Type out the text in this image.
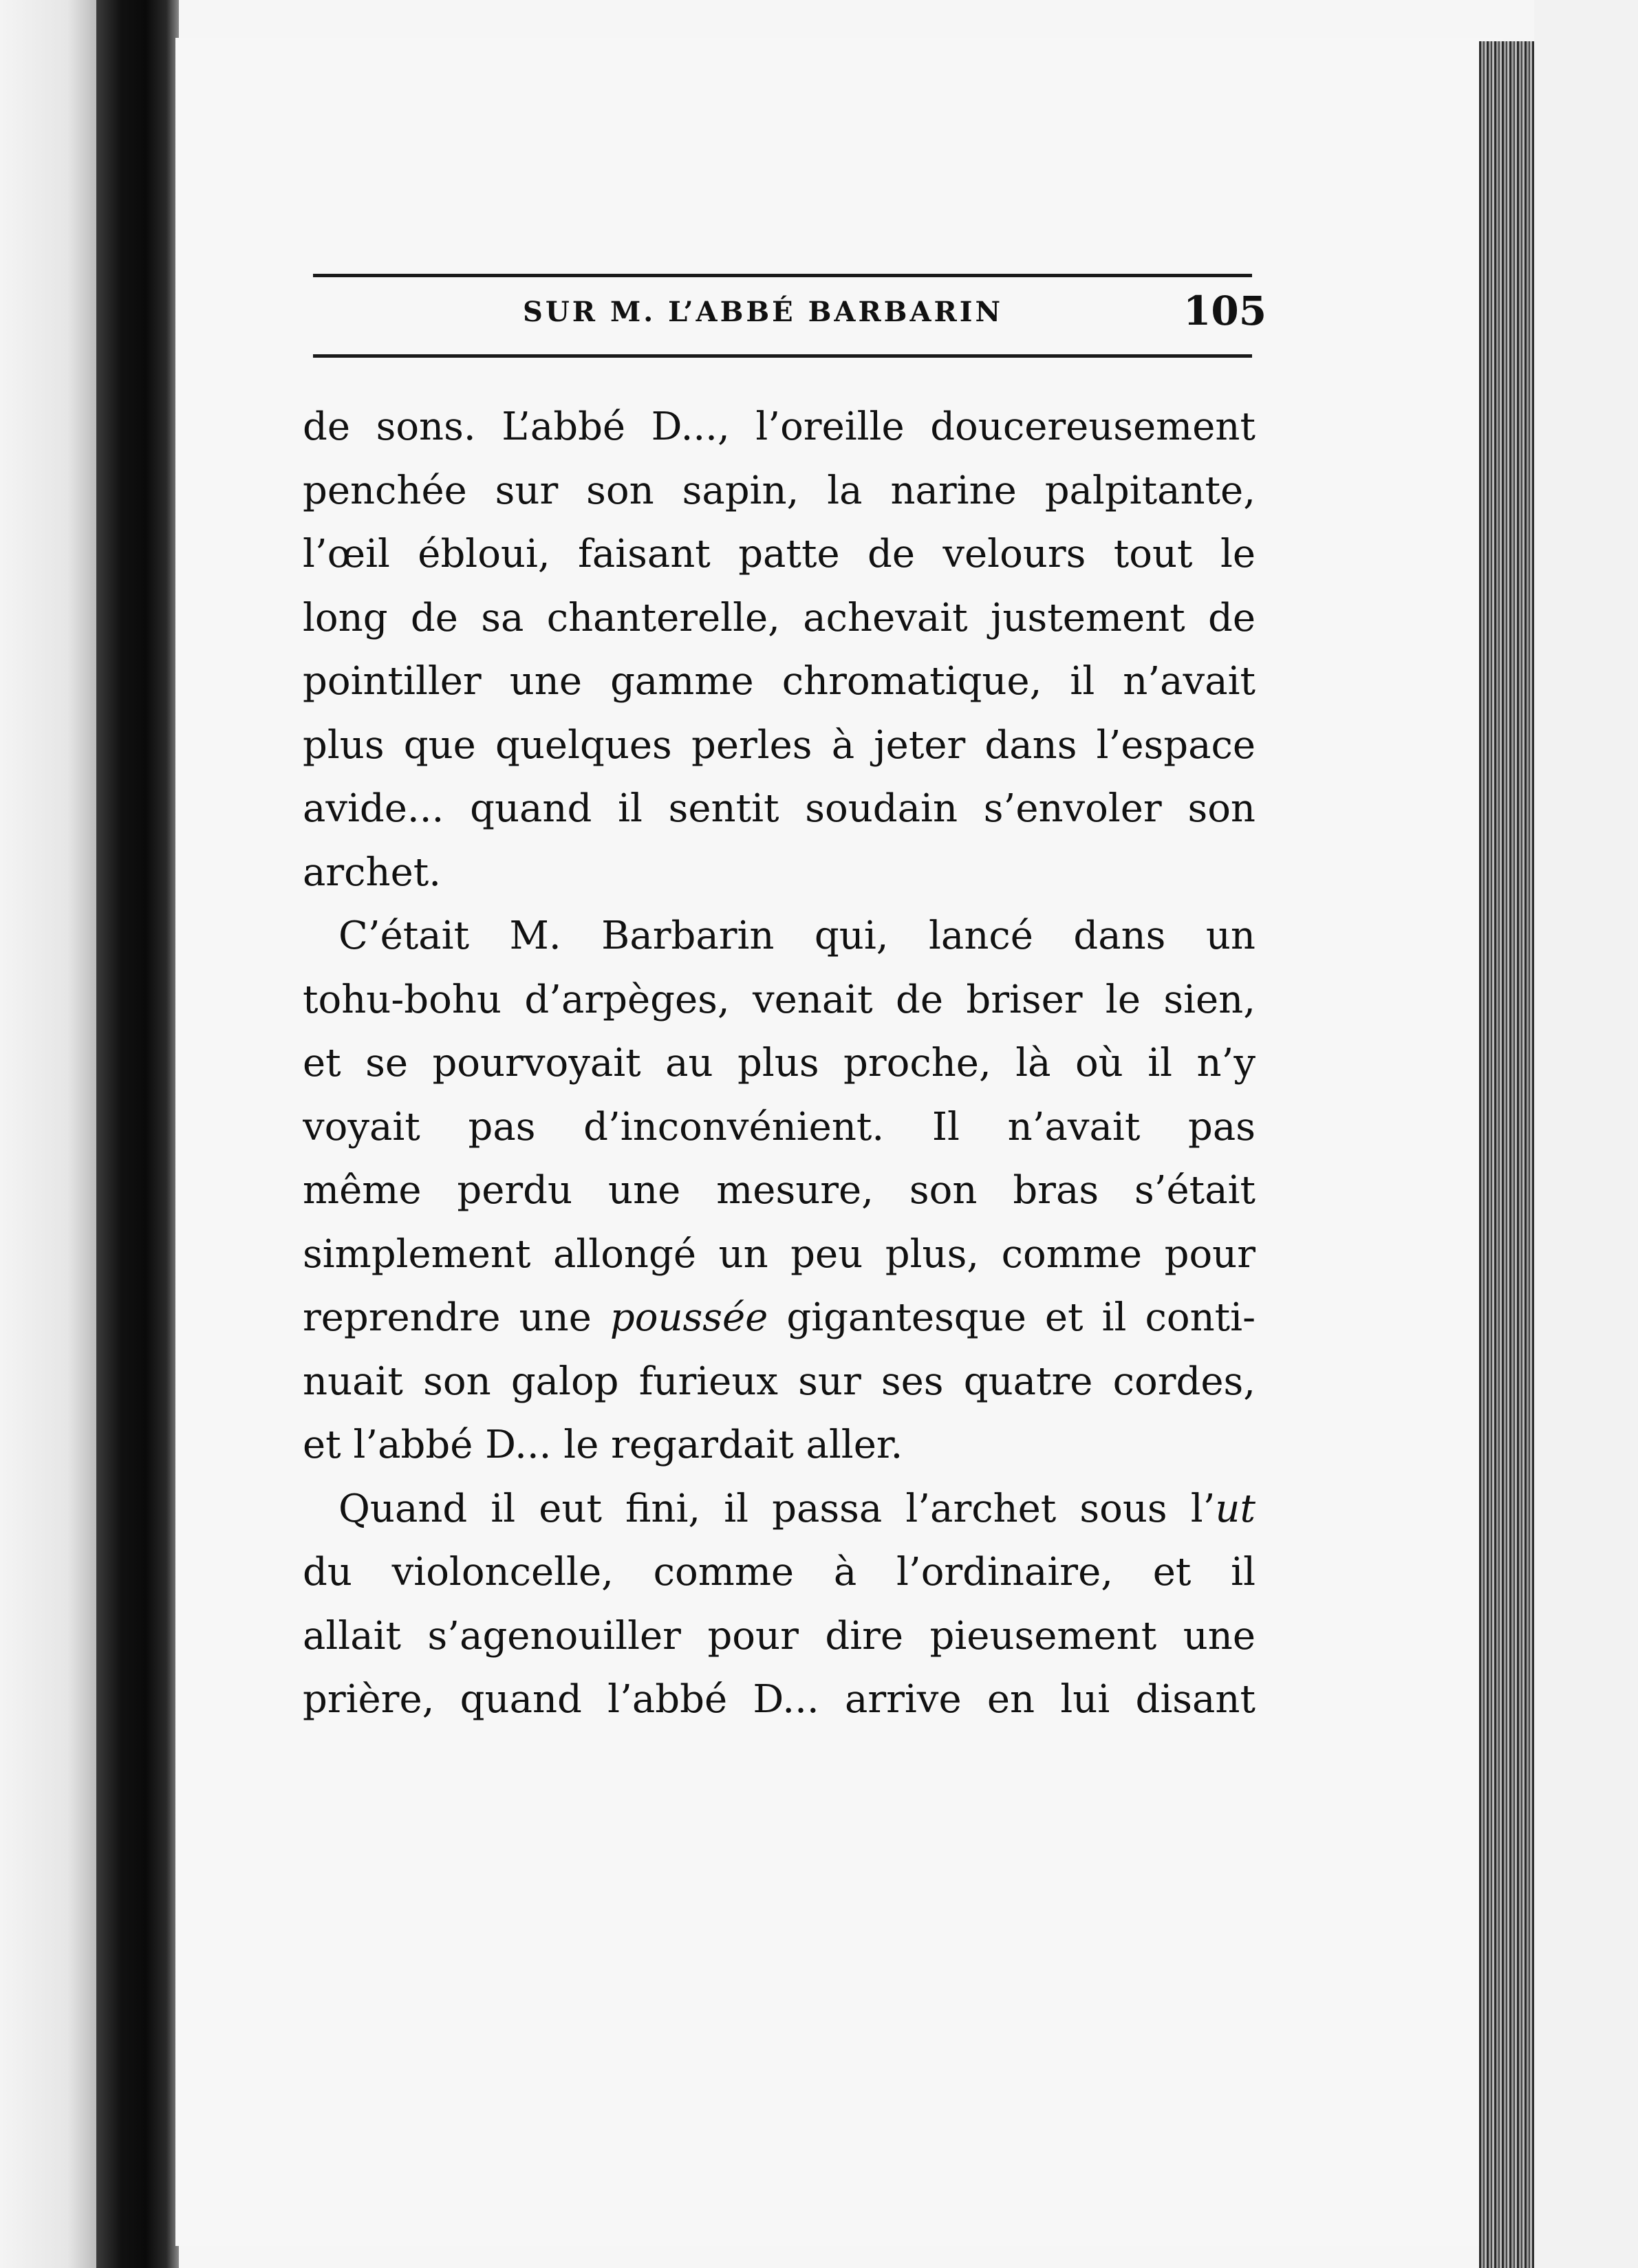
SUR M. L’ABBÉ BARBARIN	105
de sons. L’abbé D..., l’oreille doucereusement
penchée sur son sapin, la narine palpitante,
l’œil ébloui, faisant patte de velours tout le
long de sa chanterelle, achevait justement de
pointiller une gamme chromatique, il n’avait
plus que quelques perles à jeter dans l’espace
avide... quand il sentit soudain s’envoler son
archet.
C’était M. Barbarin qui, lancé dans un
tohu-bohu d’arpèges, venait de briser le sien,
et se pourvoyait au plus proche, là où il n’y
voyait pas d’inconvénient. Il n’avait pas
même perdu une mesure, son bras s’était
simplement allongé un peu plus, comme pour
reprendre une poussée gigantesque et il conti-
nuait son galop furieux sur ses quatre cordes,
et l’abbé D... le regardait aller.
Quand il eut fini, il passa l’archet sous l’ut
du violoncelle, comme à l’ordinaire, et il
allait s’agenouiller pour dire pieusement une
prière, quand l’abbé D... arrive en lui disant
